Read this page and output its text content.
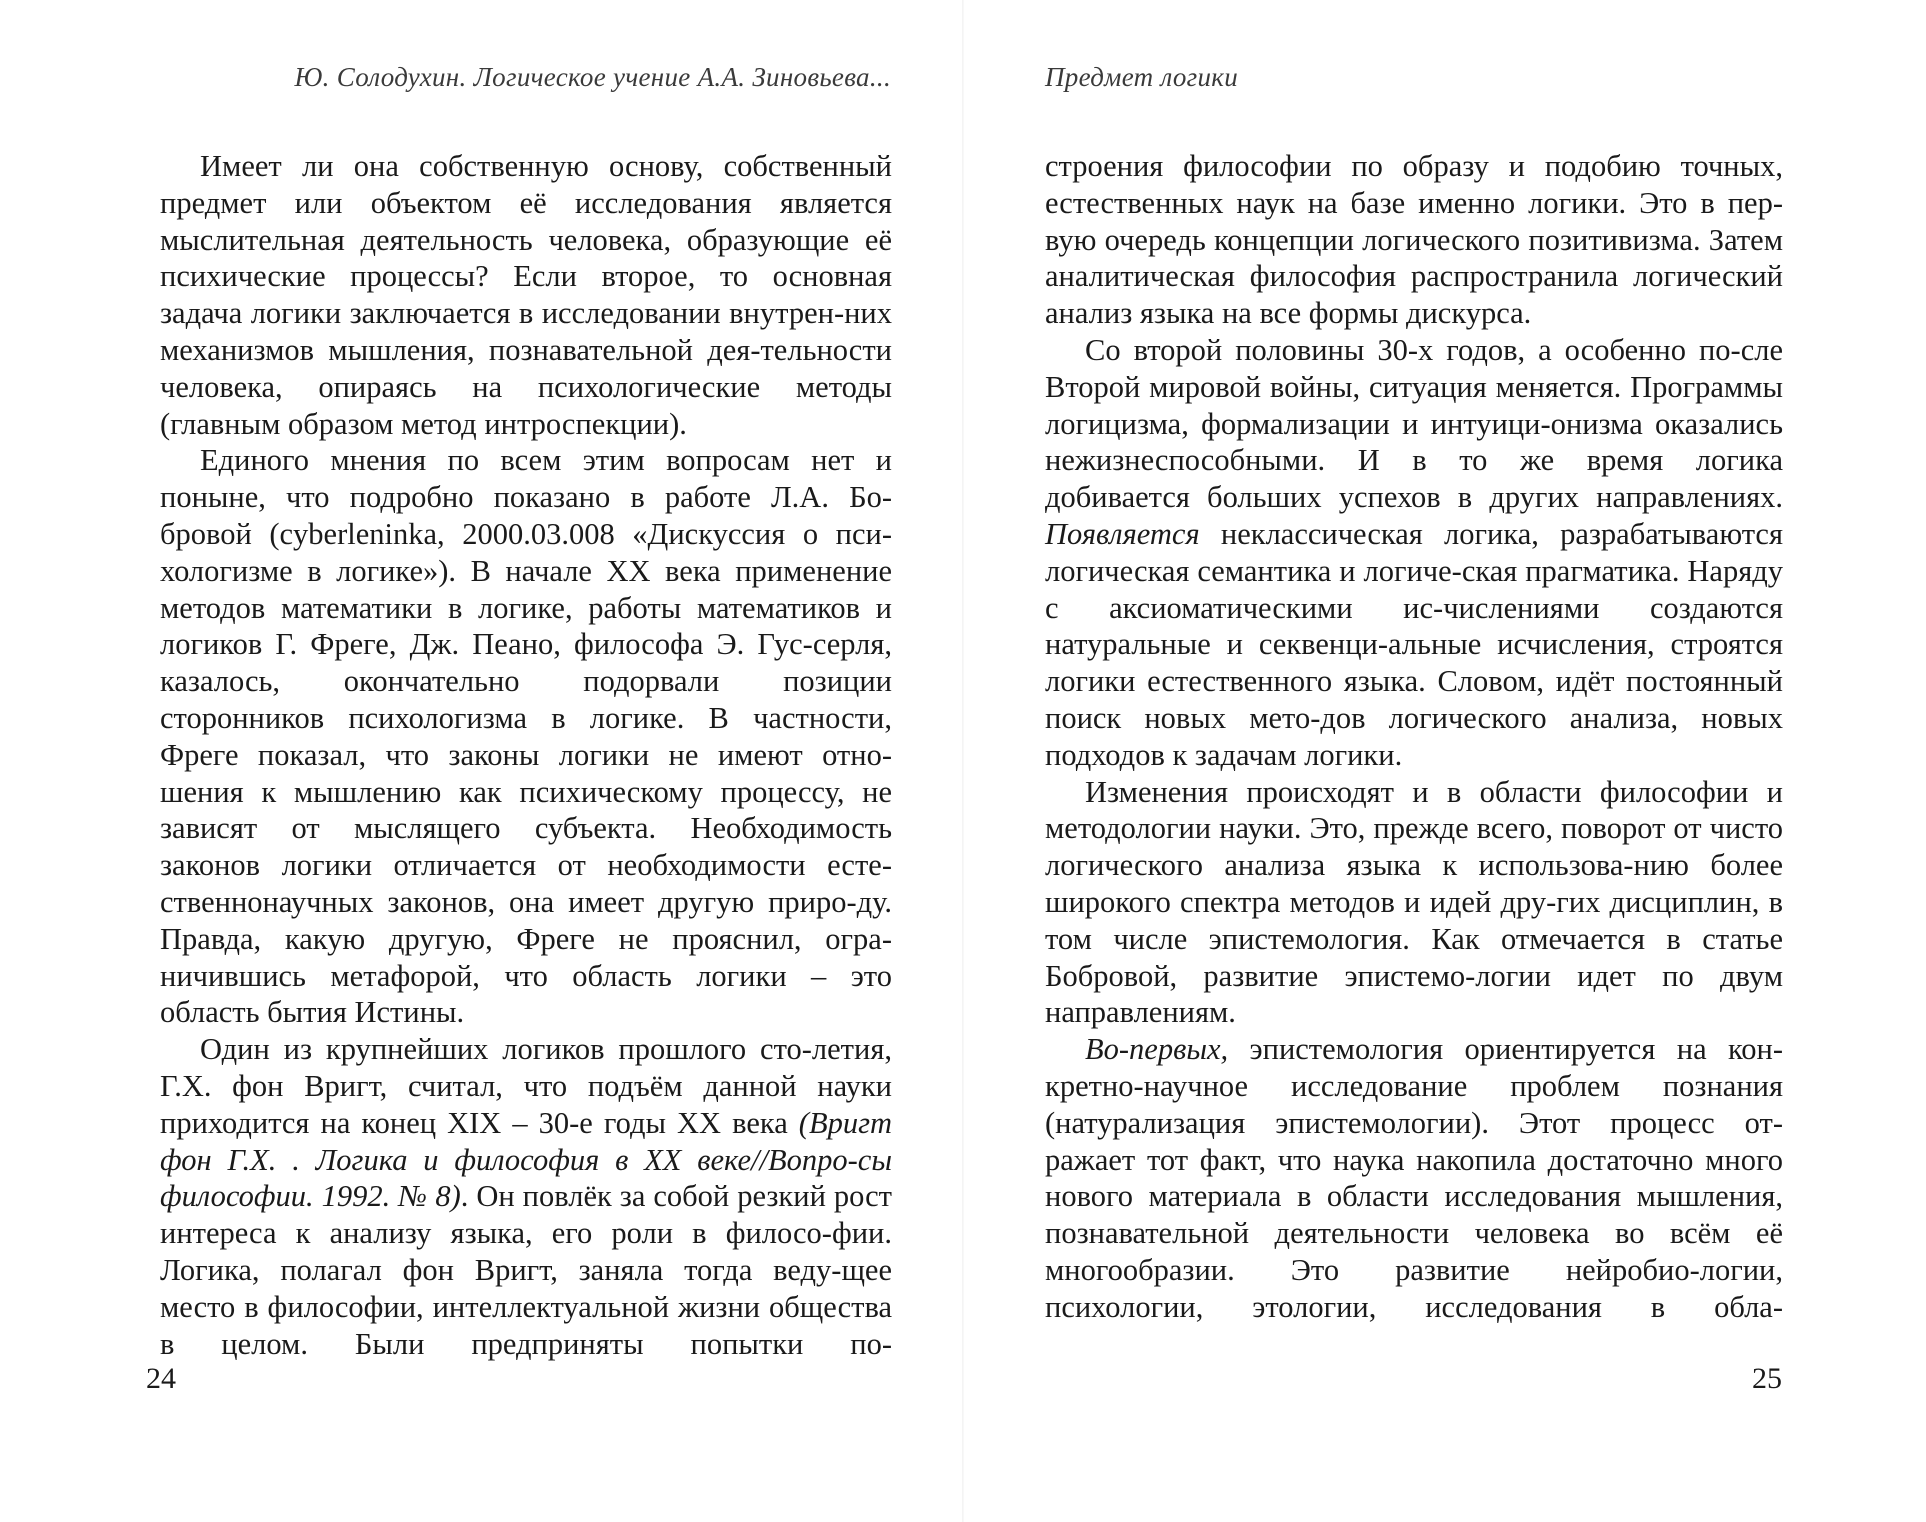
Ю. Солодухин. Логическое учение А.А. Зиновьева...

Имеет ли она собственную основу, собственный предмет или объектом её исследования является мыслительная деятельность человека, образующие её психические процессы? Если второе, то основная задача логики заключается в исследовании внутрен-них механизмов мышления, познавательной дея-тельности человека, опираясь на психологические методы (главным образом метод интроспекции).

Единого мнения по всем этим вопросам нет и поныне, что подробно показано в работе Л.А. Бо-бровой (cyberleninka, 2000.03.008 «Дискуссия о пси-хологизме в логике»). В начале XX века применение методов математики в логике, работы математиков и логиков Г. Фреге, Дж. Пеано, философа Э. Гус-серля, казалось, окончательно подорвали позиции сторонников психологизма в логике. В частности, Фреге показал, что законы логики не имеют отно-шения к мышлению как психическому процессу, не зависят от мыслящего субъекта. Необходимость законов логики отличается от необходимости есте-ственнонаучных законов, она имеет другую приро-ду. Правда, какую другую, Фреге не прояснил, огра-ничившись метафорой, что область логики – это область бытия Истины.

Один из крупнейших логиков прошлого сто-летия, Г.Х. фон Вригт, считал, что подъём данной науки приходится на конец XIX – 30-е годы XX века (Вригт фон Г.Х. . Логика и философия в XX веке//Вопро-сы философии. 1992. № 8). Он повлёк за собой резкий рост интереса к анализу языка, его роли в филосо-фии. Логика, полагал фон Вригт, заняла тогда веду-щее место в философии, интеллектуальной жизни общества в целом. Были предприняты попытки по-

24
Предмет логики

строения философии по образу и подобию точных, естественных наук на базе именно логики. Это в пер-вую очередь концепции логического позитивизма. Затем аналитическая философия распространила логический анализ языка на все формы дискурса.

Со второй половины 30-х годов, а особенно по-сле Второй мировой войны, ситуация меняется. Программы логицизма, формализации и интуици-онизма оказались нежизнеспособными. И в то же время логика добивается больших успехов в других направлениях. Появляется неклассическая логика, разрабатываются логическая семантика и логиче-ская прагматика. Наряду с аксиоматическими ис-числениями создаются натуральные и секвенци-альные исчисления, строятся логики естественного языка. Словом, идёт постоянный поиск новых мето-дов логического анализа, новых подходов к задачам логики.

Изменения происходят и в области философии и методологии науки. Это, прежде всего, поворот от чисто логического анализа языка к использова-нию более широкого спектра методов и идей дру-гих дисциплин, в том числе эпистемология. Как отмечается в статье Бобровой, развитие эпистемо-логии идет по двум направлениям.

Во-первых, эпистемология ориентируется на кон-кретно-научное исследование проблем познания (натурализация эпистемологии). Этот процесс от-ражает тот факт, что наука накопила достаточно много нового материала в области исследования мышления, познавательной деятельности человека во всём её многообразии. Это развитие нейробио-логии, психологии, этологии, исследования в обла-

25
